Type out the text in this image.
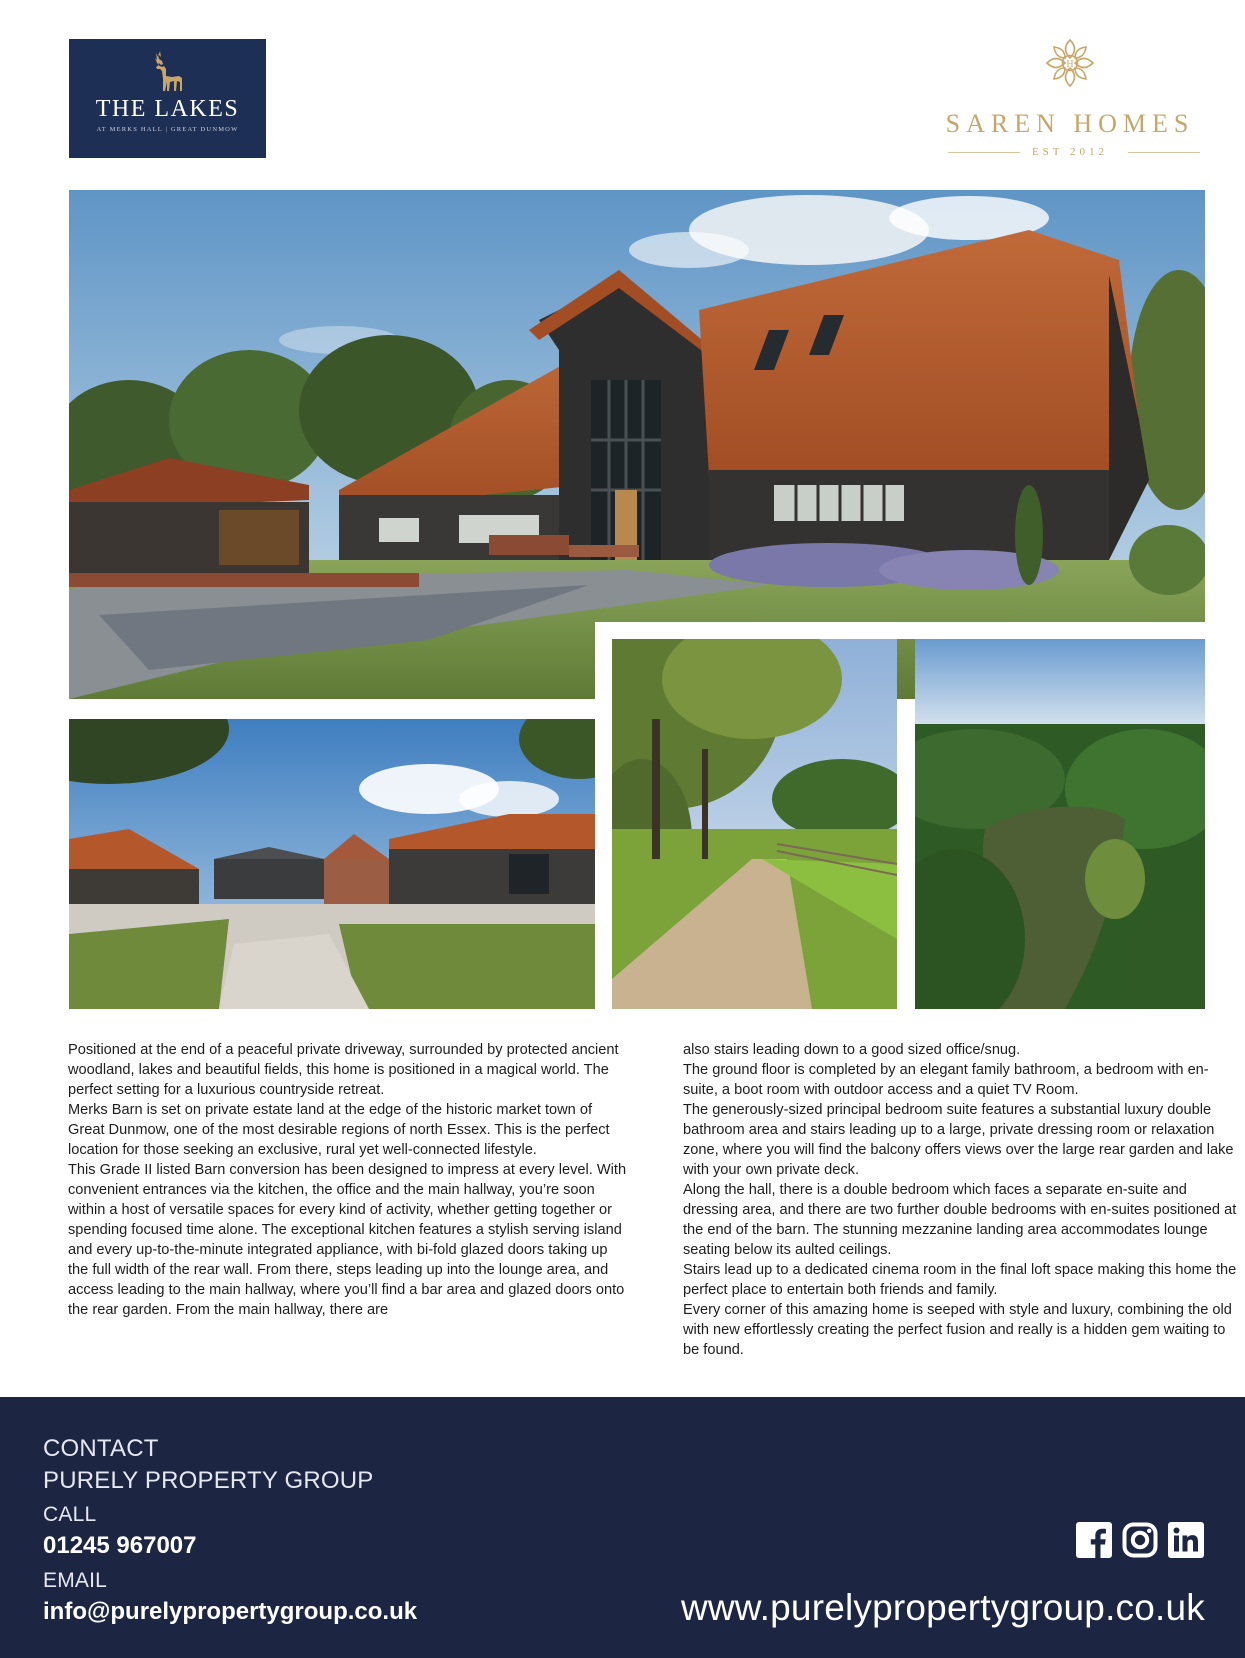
THE LAKES
AT MERKS HALL | GREAT DUNMOW
H
SAREN HOMES
EST 2012

Positioned at the end of a peaceful private driveway, surrounded by protected ancient woodland, lakes and beautiful fields, this home is positioned in a magical world. The perfect setting for a luxurious countryside retreat.

Merks Barn is set on private estate land at the edge of the historic market town of Great Dunmow, one of the most desirable regions of north Essex. This is the perfect location for those seeking an exclusive, rural yet well-connected lifestyle.

This Grade II listed Barn conversion has been designed to impress at every level. With convenient entrances via the kitchen, the office and the main hallway, you’re soon within a host of versatile spaces for every kind of activity, whether getting together or spending focused time alone. The exceptional kitchen features a stylish serving island and every up-to-the-minute integrated appliance, with bi-fold glazed doors taking up the full width of the rear wall. From there, steps leading up into the lounge area, and access leading to the main hallway, where you’ll find a bar area and glazed doors onto the rear garden. From the main hallway, there are

also stairs leading down to a good sized office/snug.

The ground floor is completed by an elegant family bathroom, a bedroom with en-suite, a boot room with outdoor access and a quiet TV Room.

The generously-sized principal bedroom suite features a substantial luxury double bathroom area and stairs leading up to a large, private dressing room or relaxation zone, where you will find the balcony offers views over the large rear garden and lake with your own private deck.

Along the hall, there is a double bedroom which faces a separate en-suite and dressing area, and there are two further double bedrooms with en-suites positioned at the end of the barn. The stunning mezzanine landing area accommodates lounge seating below its aulted ceilings.

Stairs lead up to a dedicated cinema room in the final loft space making this home the perfect place to entertain both friends and family.

Every corner of this amazing home is seeped with style and luxury, combining the old with new effortlessly creating the perfect fusion and really is a hidden gem waiting to be found.

CONTACT
PURELY PROPERTY GROUP
CALL
01245 967007
EMAIL
info@purelypropertygroup.co.uk	www.purelypropertygroup.co.uk
